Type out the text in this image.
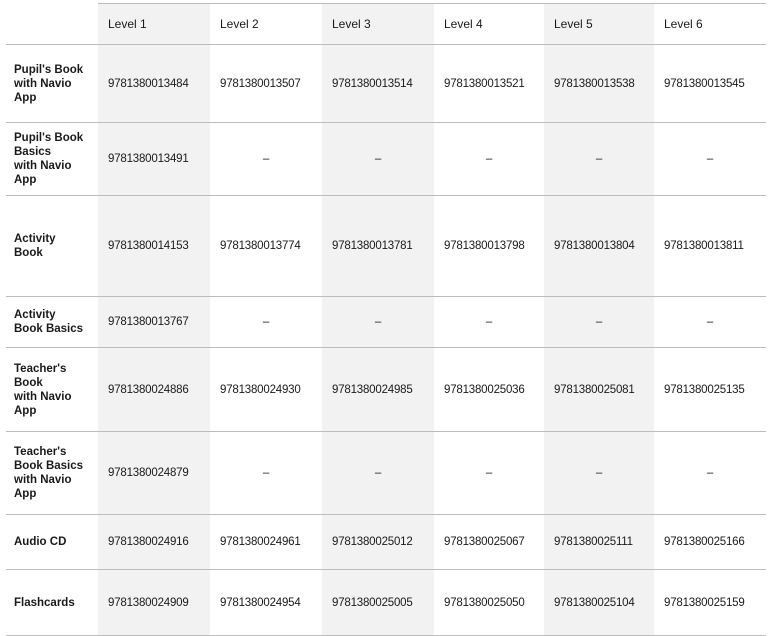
	Level 1	Level 2	Level 3	Level 4	Level 5	Level 6

Pupil's Book
with Navio
App	9781380013484	9781380013507	9781380013514	9781380013521	9781380013538	9781380013545

Pupil's Book
Basics
with Navio
App	9781380013491	–	–	–	–	–

Activity
Book	9781380014153	9781380013774	9781380013781	9781380013798	9781380013804	9781380013811

Activity
Book Basics	9781380013767	–	–	–	–	–

Teacher's
Book
with Navio
App	9781380024886	9781380024930	9781380024985	9781380025036	9781380025081	9781380025135

Teacher's
Book Basics
with Navio
App	9781380024879	–	–	–	–	–

Audio CD	9781380024916	9781380024961	9781380025012	9781380025067	9781380025111	9781380025166

Flashcards	9781380024909	9781380024954	9781380025005	9781380025050	9781380025104	9781380025159
